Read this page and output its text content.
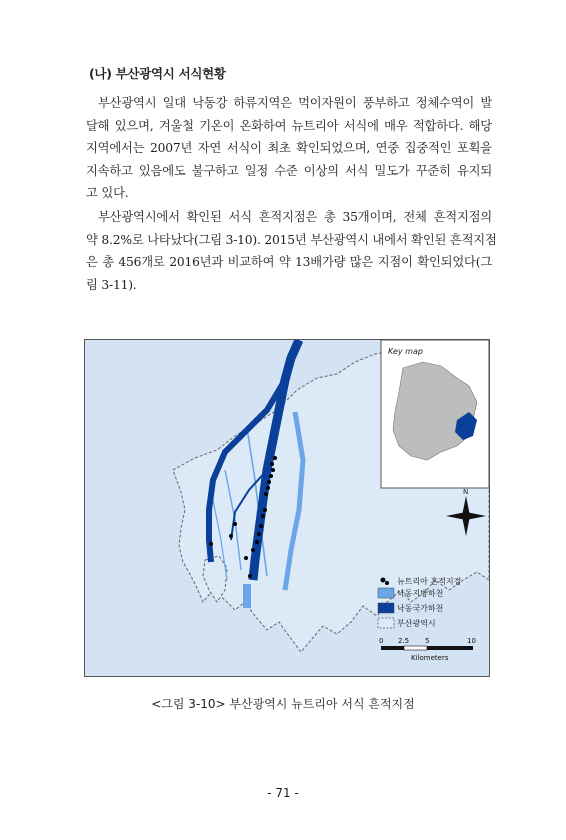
(나) 부산광역시 서식현황
부산광역시 일대 낙동강 하류지역은 먹이자원이 풍부하고 정체수역이 발
달해 있으며, 겨울철 기온이 온화하여 뉴트리아 서식에 매우 적합하다. 해당
지역에서는 2007년 자연 서식이 최초 확인되었으며, 연중 집중적인 포획을
지속하고 있음에도 불구하고 일정 수준 이상의 서식 밀도가 꾸준히 유지되
고 있다.
부산광역시에서 확인된 서식 흔적지점은 총 35개이며, 전체 흔적지점의
약 8.2%로 나타났다(그림 3-10). 2015년 부산광역시 내에서 확인된 흔적지점
은 총 456개로 2016년과 비교하여 약 13배가량 많은 지점이 확인되었다(그
림 3-11).
Key map
N
뉴트리아 흔적지점
낙동지방하천
낙동국가하천
부산광역시
0 2.5 5	10
Kilometers
<그림 3-10> 부산광역시 뉴트리아 서식 흔적지점
- 71 -
